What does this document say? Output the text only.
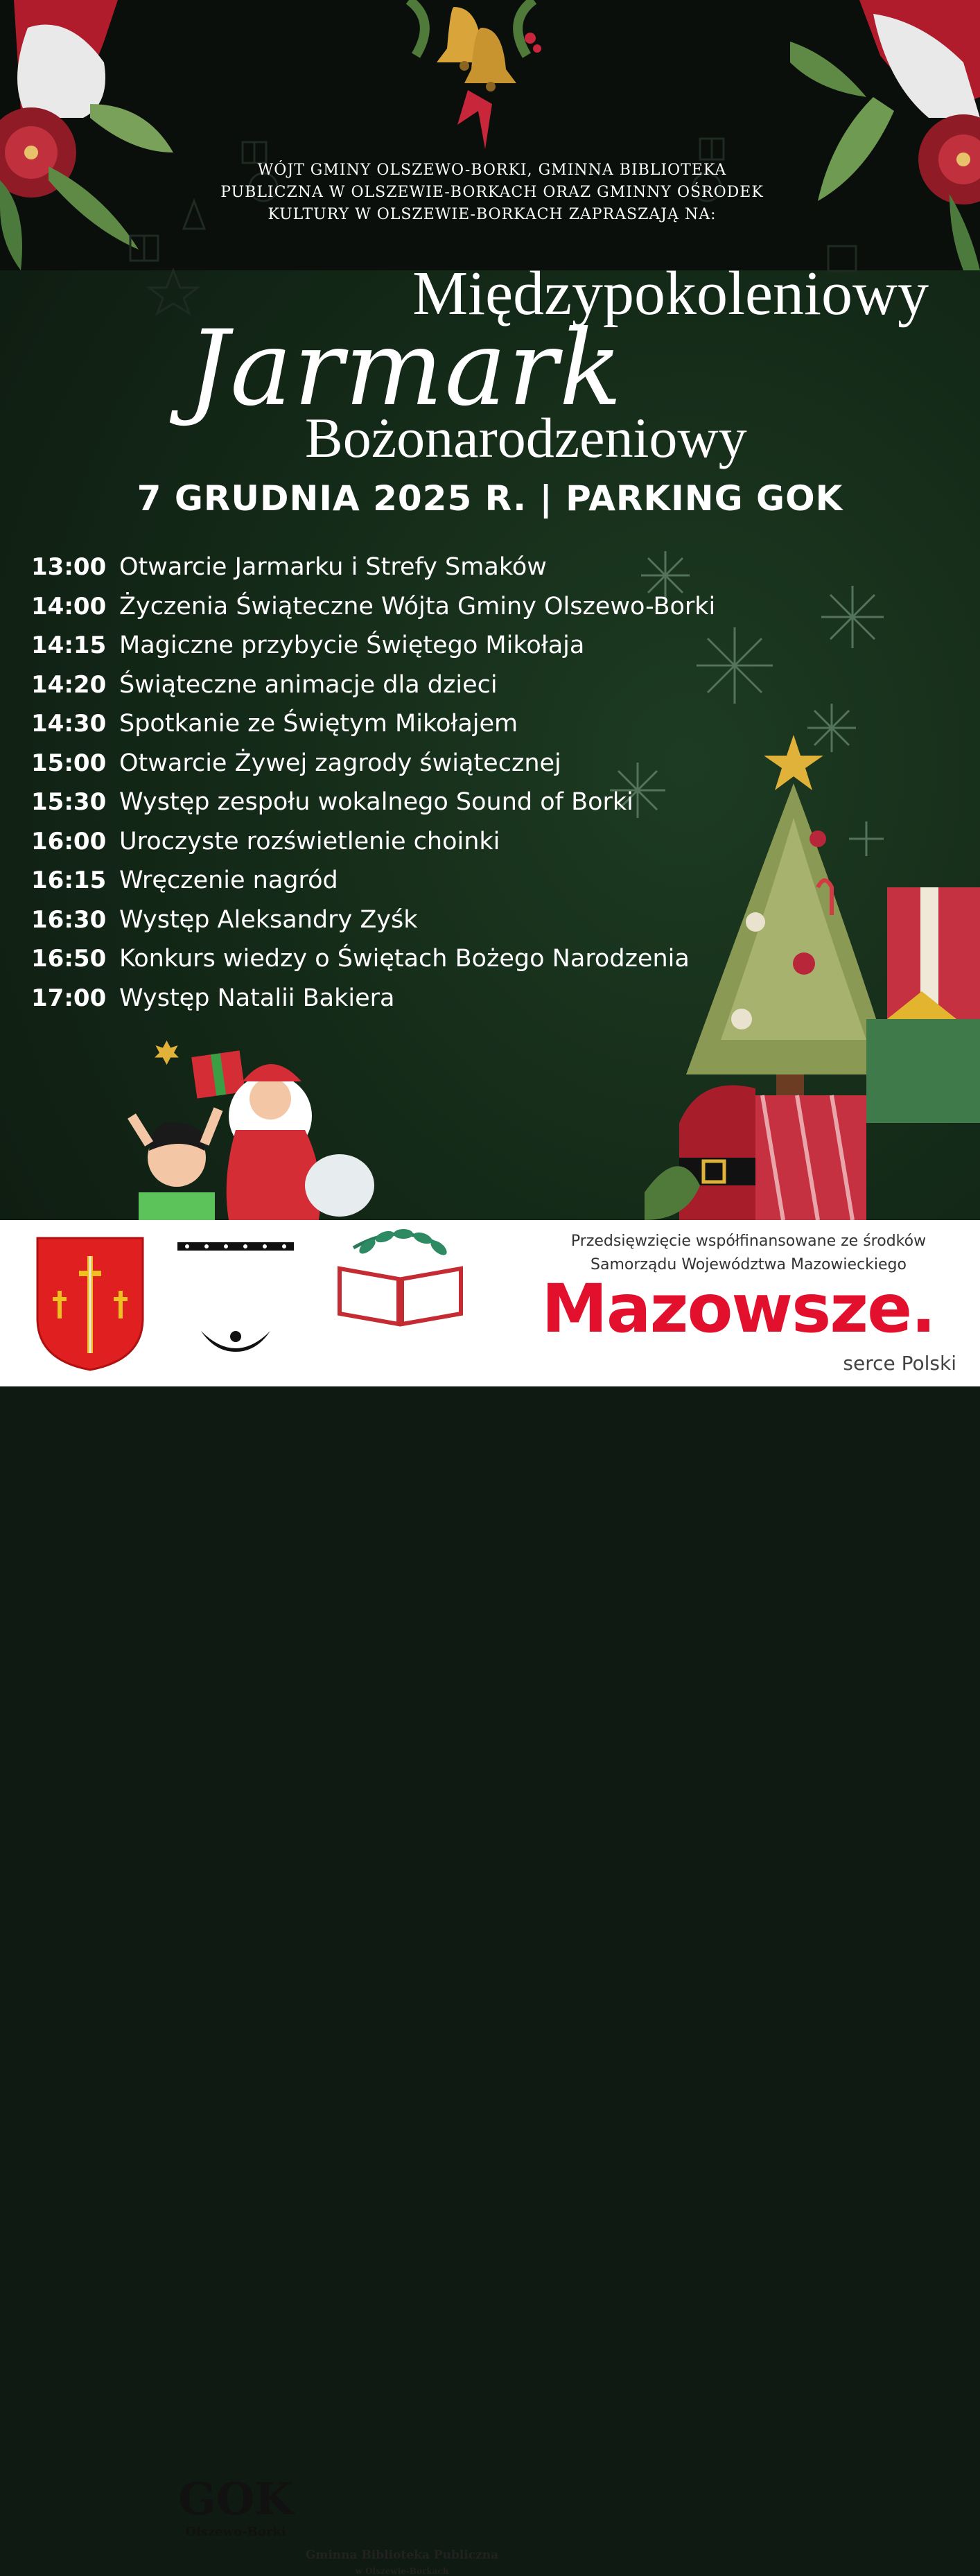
WÓJT GMINY OLSZEWO-BORKI, GMINNA BIBLIOTEKA
PUBLICZNA W OLSZEWIE-BORKACH ORAZ GMINNY OŚRODEK
KULTURY W OLSZEWIE-BORKACH ZAPRASZAJĄ NA:
Międzypokoleniowy
Jarmark
Bożonarodzeniowy
7 GRUDNIA 2025 R. | PARKING GOK
13:00 Otwarcie Jarmarku i Strefy Smaków
14:00 Życzenia Świąteczne Wójta Gminy Olszewo-Borki
14:15 Magiczne przybycie Świętego Mikołaja
14:20 Świąteczne animacje dla dzieci
14:30 Spotkanie ze Świętym Mikołajem
15:00 Otwarcie Żywej zagrody świątecznej
15:30 Występ zespołu wokalnego Sound of Borki
16:00 Uroczyste rozświetlenie choinki
16:15 Wręczenie nagród
16:30 Występ Aleksandry Zyśk
16:50 Konkurs wiedzy o Świętach Bożego Narodzenia
17:00 Występ Natalii Bakiera
GOK
Olszewo-Borki
Gminna Biblioteka Publiczna
w Olszewie-Borkach
Przedsięwzięcie współfinansowane ze środków
Samorządu Województwa Mazowieckiego
Mazowsze.
serce Polski
